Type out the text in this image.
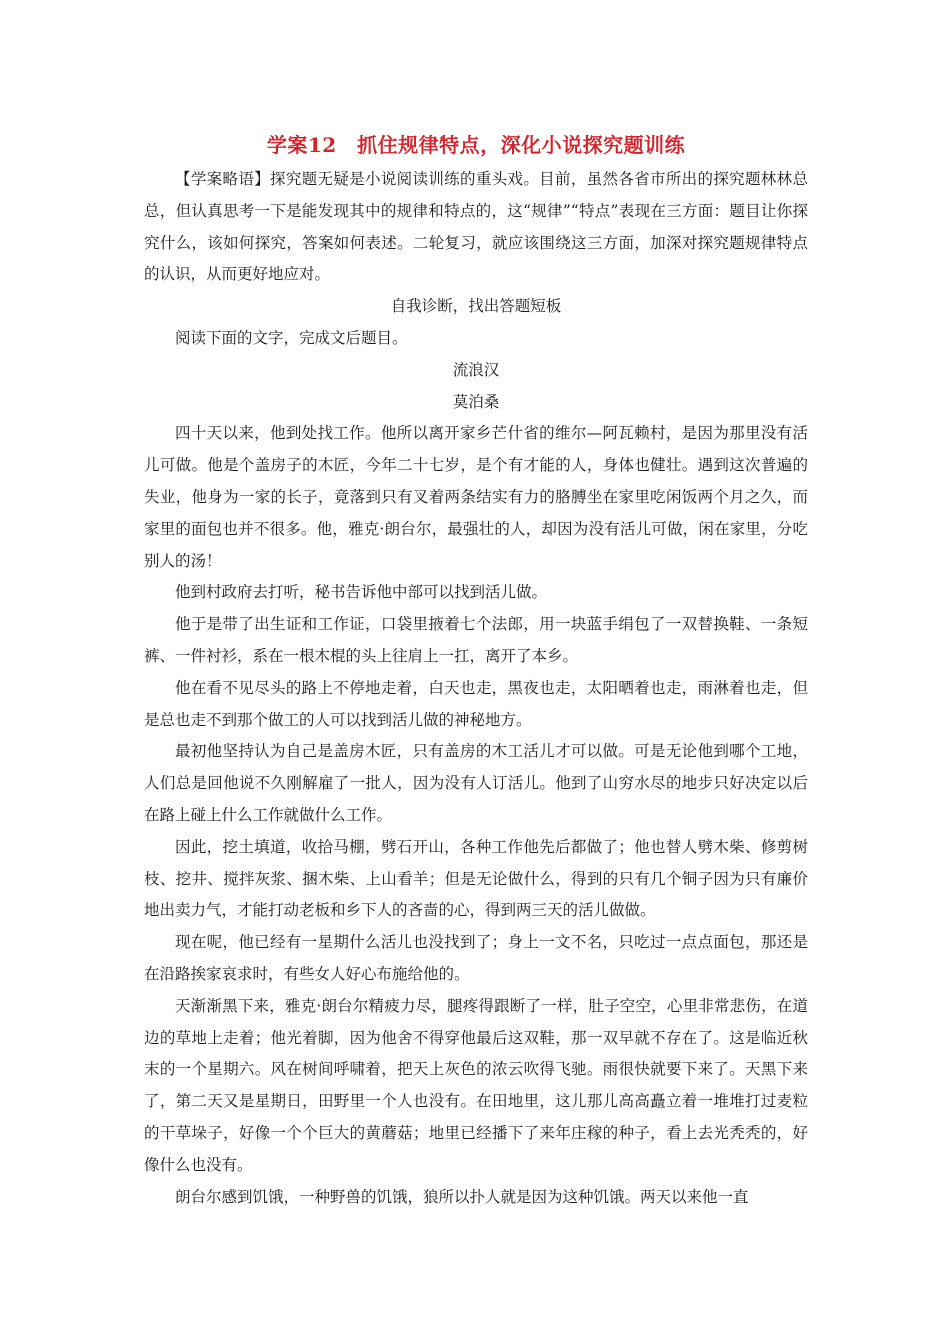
学案12　抓住规律特点，深化小说探究题训练

【学案略语】探究题无疑是小说阅读训练的重头戏。目前，虽然各省市所出的探究题林林总总，但认真思考一下是能发现其中的规律和特点的，这“规律”“特点”表现在三方面：题目让你探究什么，该如何探究，答案如何表述。二轮复习，就应该围绕这三方面，加深对探究题规律特点的认识，从而更好地应对。

自我诊断，找出答题短板

阅读下面的文字，完成文后题目。

流浪汉

莫泊桑

四十天以来，他到处找工作。他所以离开家乡芒什省的维尔—阿瓦赖村，是因为那里没有活儿可做。他是个盖房子的木匠，今年二十七岁，是个有才能的人，身体也健壮。遇到这次普遍的失业，他身为一家的长子，竟落到只有叉着两条结实有力的胳膊坐在家里吃闲饭两个月之久，而家里的面包也并不很多。他，雅克·朗台尔，最强壮的人，却因为没有活儿可做，闲在家里，分吃别人的汤！

他到村政府去打听，秘书告诉他中部可以找到活儿做。

他于是带了出生证和工作证，口袋里掖着七个法郎，用一块蓝手绢包了一双替换鞋、一条短裤、一件衬衫，系在一根木棍的头上往肩上一扛，离开了本乡。

他在看不见尽头的路上不停地走着，白天也走，黑夜也走，太阳晒着也走，雨淋着也走，但是总也走不到那个做工的人可以找到活儿做的神秘地方。

最初他坚持认为自己是盖房木匠，只有盖房的木工活儿才可以做。可是无论他到哪个工地，人们总是回他说不久刚解雇了一批人，因为没有人订活儿。他到了山穷水尽的地步只好决定以后在路上碰上什么工作就做什么工作。

因此，挖土填道，收拾马棚，劈石开山，各种工作他先后都做了；他也替人劈木柴、修剪树枝、挖井、搅拌灰浆、捆木柴、上山看羊；但是无论做什么，得到的只有几个铜子因为只有廉价地出卖力气，才能打动老板和乡下人的吝啬的心，得到两三天的活儿做做。

现在呢，他已经有一星期什么活儿也没找到了；身上一文不名，只吃过一点点面包，那还是在沿路挨家哀求时，有些女人好心布施给他的。

天渐渐黑下来，雅克·朗台尔精疲力尽，腿疼得跟断了一样，肚子空空，心里非常悲伤，在道边的草地上走着；他光着脚，因为他舍不得穿他最后这双鞋，那一双早就不存在了。这是临近秋末的一个星期六。风在树间呼啸着，把天上灰色的浓云吹得飞驰。雨很快就要下来了。天黑下来了，第二天又是星期日，田野里一个人也没有。在田地里，这儿那儿高高矗立着一堆堆打过麦粒的干草垛子，好像一个个巨大的黄蘑菇；地里已经播下了来年庄稼的种子，看上去光秃秃的，好像什么也没有。

朗台尔感到饥饿，一种野兽的饥饿，狼所以扑人就是因为这种饥饿。两天以来他一直
